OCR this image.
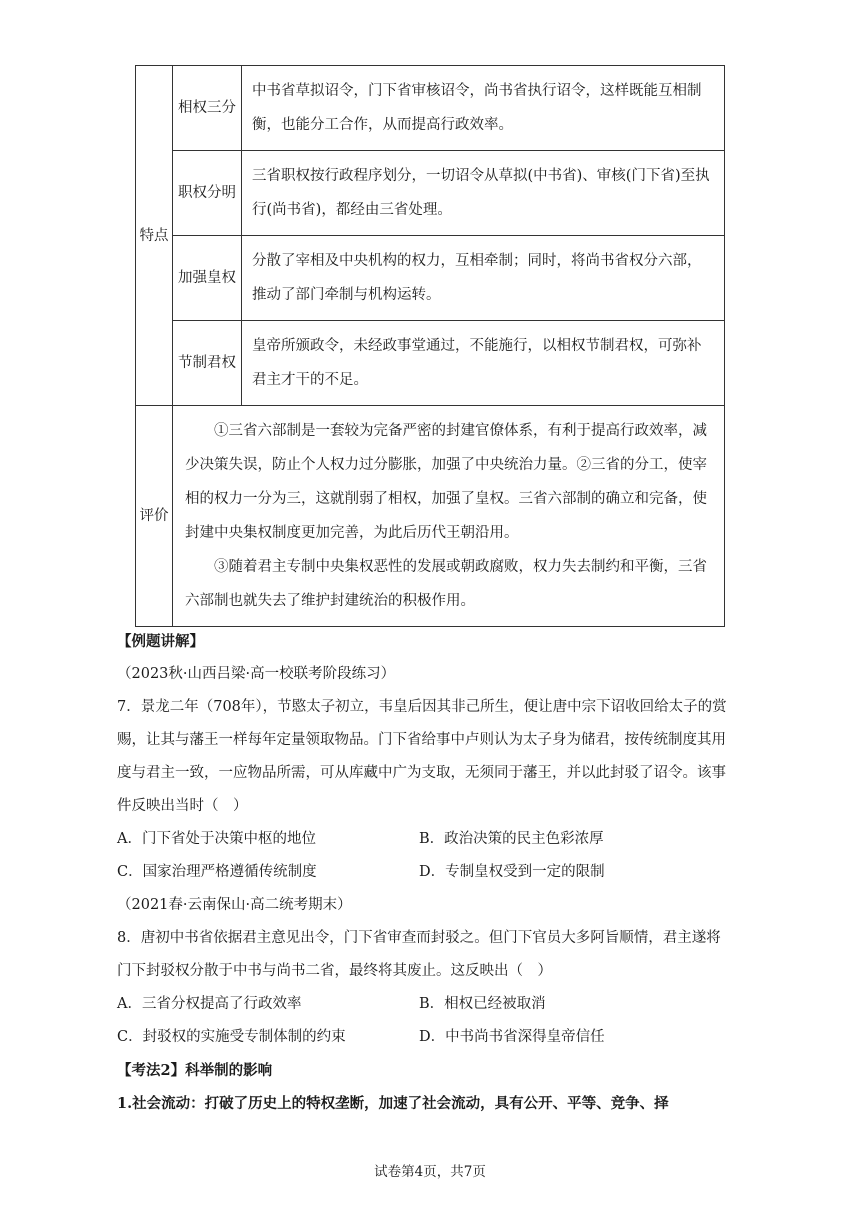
特点	相权三分	中书省草拟诏令，门下省审核诏令，尚书省执行诏令，这样既能互相制衡，也能分工合作，从而提高行政效率。
	职权分明	三省职权按行政程序划分，一切诏令从草拟(中书省)、审核(门下省)至执行(尚书省)，都经由三省处理。
	加强皇权	分散了宰相及中央机构的权力，互相牵制；同时，将尚书省权分六部，推动了部门牵制与机构运转。
	节制君权	皇帝所颁政令，未经政事堂通过，不能施行，以相权节制君权，可弥补君主才干的不足。
评价	①三省六部制是一套较为完备严密的封建官僚体系，有利于提高行政效率，减少决策失误，防止个人权力过分膨胀，加强了中央统治力量。②三省的分工，使宰相的权力一分为三，这就削弱了相权，加强了皇权。三省六部制的确立和完备，使封建中央集权制度更加完善，为此后历代王朝沿用。

③随着君主专制中央集权恶性的发展或朝政腐败，权力失去制约和平衡，三省六部制也就失去了维护封建统治的积极作用。	

【例题讲解】

（2023秋·山西吕梁·高一校联考阶段练习）

7．景龙二年（708年），节愍太子初立，韦皇后因其非己所生，便让唐中宗下诏收回给太子的赏赐，让其与藩王一样每年定量领取物品。门下省给事中卢则认为太子身为储君，按传统制度其用度与君主一致，一应物品所需，可从库藏中广为支取，无须同于藩王，并以此封驳了诏令。该事件反映出当时（　）

A．门下省处于决策中枢的地位	B．政治决策的民主色彩浓厚
C．国家治理严格遵循传统制度	D．专制皇权受到一定的限制

（2021春·云南保山·高二统考期末）

8．唐初中书省依据君主意见出令，门下省审查而封驳之。但门下官员大多阿旨顺情，君主遂将门下封驳权分散于中书与尚书二省，最终将其废止。这反映出（　）

A．三省分权提高了行政效率	B．相权已经被取消
C．封驳权的实施受专制体制的约束	D．中书尚书省深得皇帝信任

【考法2】科举制的影响

1.社会流动：打破了历史上的特权垄断，加速了社会流动，具有公开、平等、竞争、择

试卷第4页，共7页
